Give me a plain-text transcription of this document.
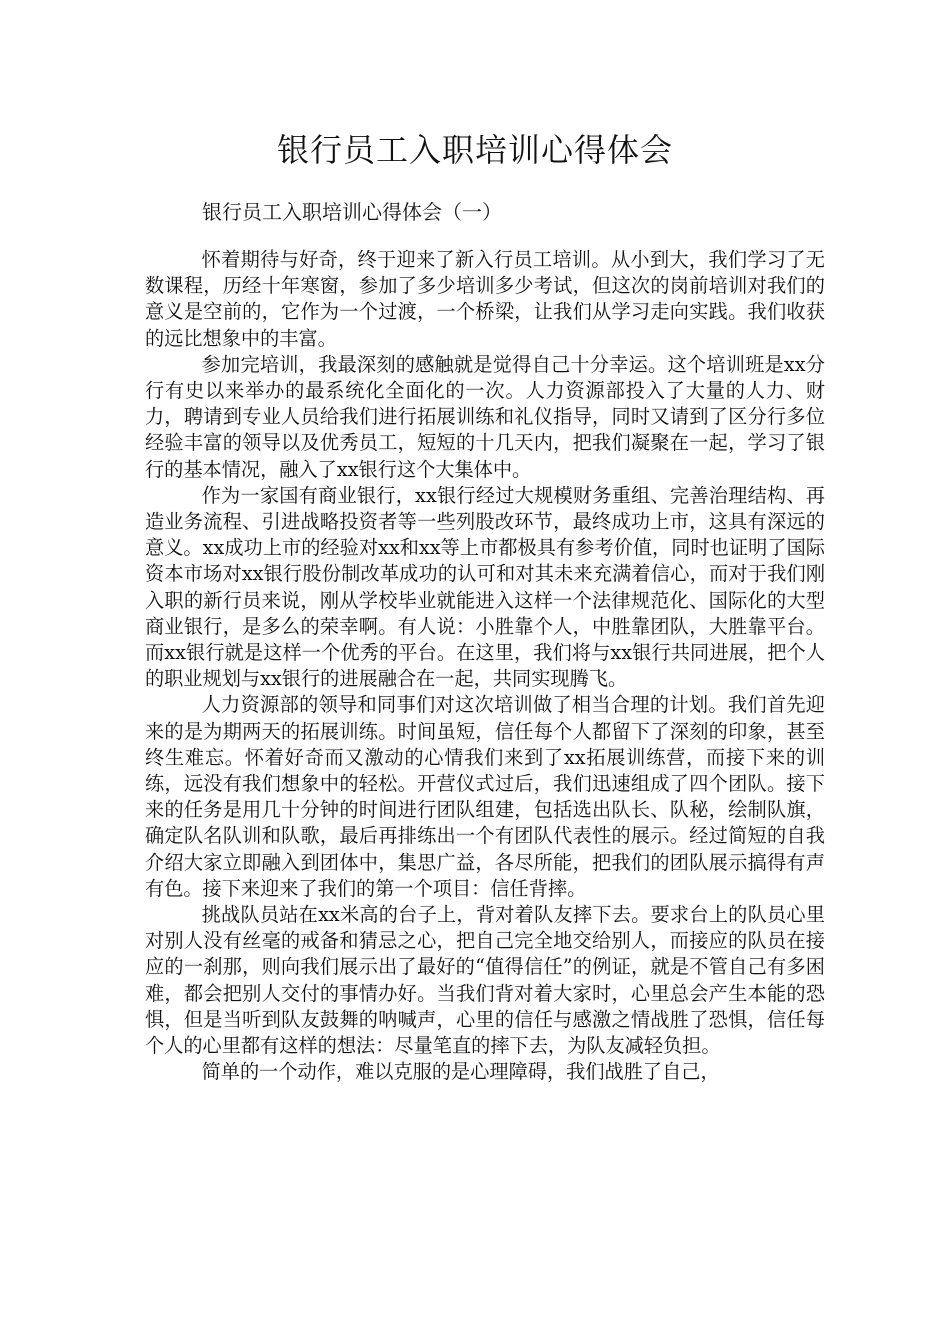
银行员工入职培训心得体会
银行员工入职培训心得体会（一）

怀着期待与好奇，终于迎来了新入行员工培训。从小到大，我们学习了无数课程，历经十年寒窗，参加了多少培训多少考试，但这次的岗前培训对我们的意义是空前的，它作为一个过渡，一个桥梁，让我们从学习走向实践。我们收获的远比想象中的丰富。

参加完培训，我最深刻的感触就是觉得自己十分幸运。这个培训班是xx分行有史以来举办的最系统化全面化的一次。人力资源部投入了大量的人力、财力，聘请到专业人员给我们进行拓展训练和礼仪指导，同时又请到了区分行多位经验丰富的领导以及优秀员工，短短的十几天内，把我们凝聚在一起，学习了银行的基本情况，融入了xx银行这个大集体中。

作为一家国有商业银行，xx银行经过大规模财务重组、完善治理结构、再造业务流程、引进战略投资者等一些列股改环节，最终成功上市，这具有深远的意义。xx成功上市的经验对xx和xx等上市都极具有参考价值，同时也证明了国际资本市场对xx银行股份制改革成功的认可和对其未来充满着信心，而对于我们刚入职的新行员来说，刚从学校毕业就能进入这样一个法律规范化、国际化的大型商业银行，是多么的荣幸啊。有人说：小胜靠个人，中胜靠团队，大胜靠平台。而xx银行就是这样一个优秀的平台。在这里，我们将与xx银行共同进展，把个人的职业规划与xx银行的进展融合在一起，共同实现腾飞。

人力资源部的领导和同事们对这次培训做了相当合理的计划。我们首先迎来的是为期两天的拓展训练。时间虽短，信任每个人都留下了深刻的印象，甚至终生难忘。怀着好奇而又激动的心情我们来到了xx拓展训练营，而接下来的训练，远没有我们想象中的轻松。开营仪式过后，我们迅速组成了四个团队。接下来的任务是用几十分钟的时间进行团队组建，包括选出队长、队秘，绘制队旗，确定队名队训和队歌，最后再排练出一个有团队代表性的展示。经过简短的自我介绍大家立即融入到团体中，集思广益，各尽所能，把我们的团队展示搞得有声有色。接下来迎来了我们的第一个项目：信任背摔。

挑战队员站在xx米高的台子上，背对着队友摔下去。要求台上的队员心里对别人没有丝毫的戒备和猜忌之心，把自己完全地交给别人，而接应的队员在接应的一刹那，则向我们展示出了最好的“值得信任”的例证，就是不管自己有多困难，都会把别人交付的事情办好。当我们背对着大家时，心里总会产生本能的恐惧，但是当听到队友鼓舞的呐喊声，心里的信任与感激之情战胜了恐惧，信任每个人的心里都有这样的想法：尽量笔直的摔下去，为队友减轻负担。

简单的一个动作，难以克服的是心理障碍，我们战胜了自己，
